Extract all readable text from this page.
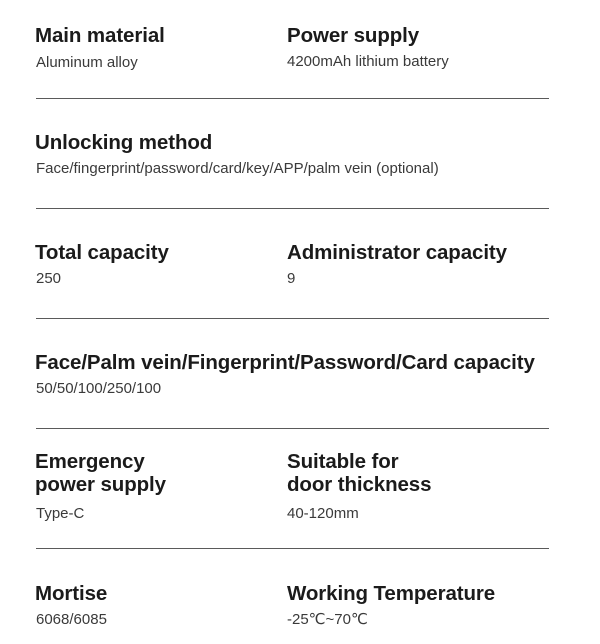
Main material

Aluminum alloy

Power supply

4200mAh lithium battery

Unlocking method

Face/fingerprint/password/card/key/APP/palm vein (optional)

Total capacity

250

Administrator capacity

9

Face/Palm vein/Fingerprint/Password/Card capacity

50/50/100/250/100

Emergency
power supply

Type-C

Suitable for
door thickness

40-120mm

Mortise

6068/6085

Working Temperature

-25℃~70℃
